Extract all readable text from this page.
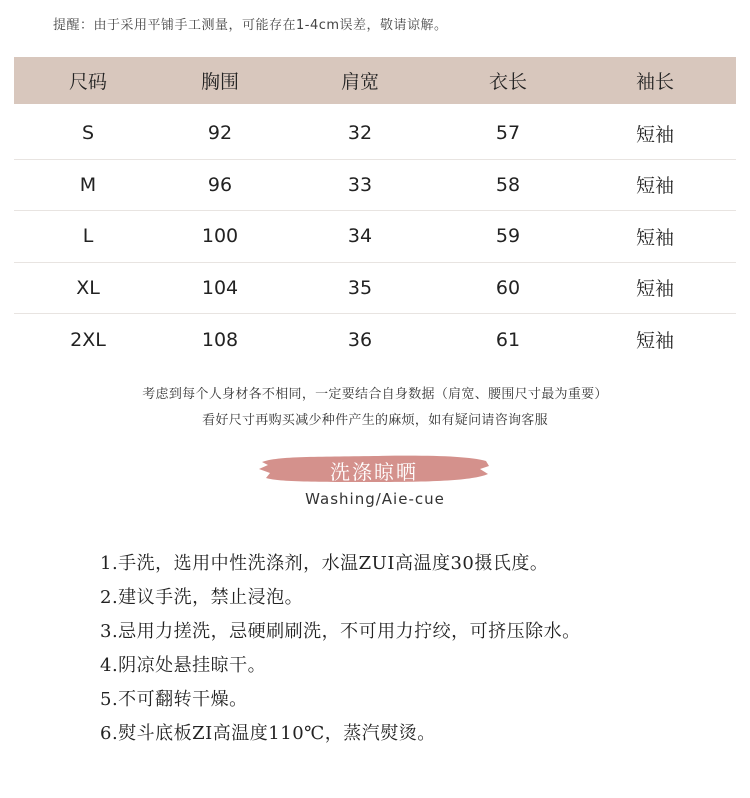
提醒：由于采用平铺手工测量，可能存在1-4cm误差，敬请谅解。
尺码	胸围	肩宽	衣长	袖长
S	92	32	57	短袖
M	96	33	58	短袖
L	100	34	59	短袖
XL	104	35	60	短袖
2XL	108	36	61	短袖
考虑到每个人身材各不相同，一定要结合自身数据（肩宽、腰围尺寸最为重要）
看好尺寸再购买减少种件产生的麻烦，如有疑问请咨询客服
洗涤晾晒
Washing/Aie-cue
1.手洗，选用中性洗涤剂，水温ZUI高温度30摄氏度。
2.建议手洗，禁止浸泡。
3.忌用力搓洗，忌硬刷刷洗，不可用力拧绞，可挤压除水。
4.阴凉处悬挂晾干。
5.不可翻转干燥。
6.熨斗底板ZI高温度110℃，蒸汽熨烫。
